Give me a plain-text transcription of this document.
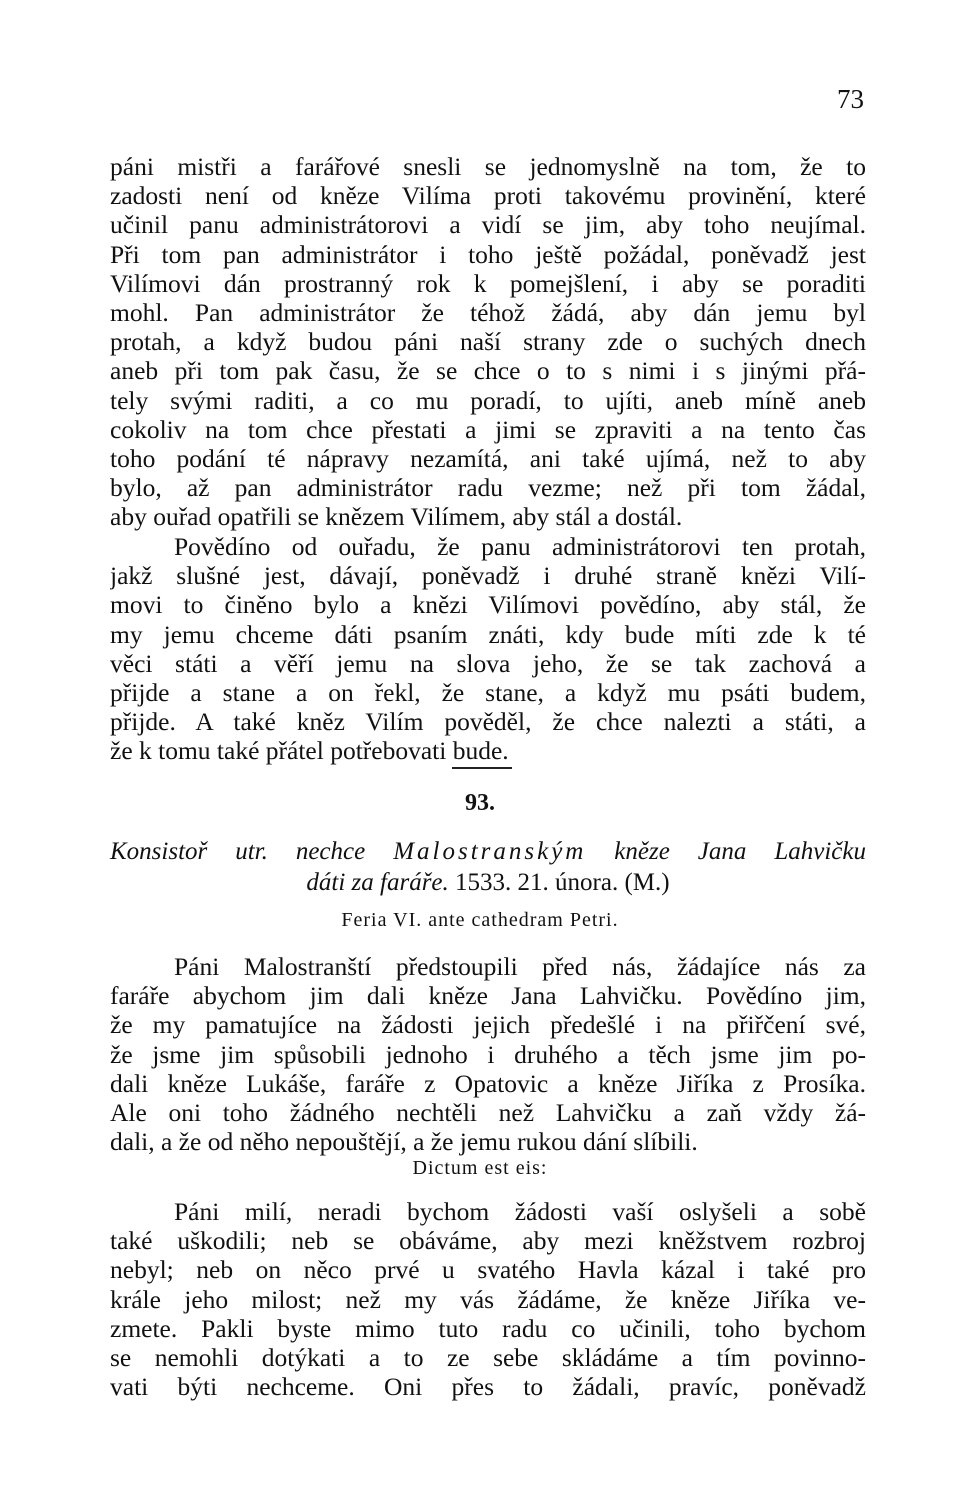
73

páni mistři a farářové snesli se jednomyslně na tom, že to
zadosti není od kněze Vilíma proti takovému provinění, které
učinil panu administrátorovi a vidí se jim, aby toho neujímal.
Při tom pan administrátor i toho ještě požádal, poněvadž jest
Vilímovi dán prostranný rok k pomejšlení, i aby se poraditi
mohl. Pan administrátor že téhož žádá, aby dán jemu byl
protah, a když budou páni naší strany zde o suchých dnech
aneb při tom pak času, že se chce o to s nimi i s jinými přá-
tely svými raditi, a co mu poradí, to ujíti, aneb míně aneb
cokoliv na tom chce přestati a jimi se zpraviti a na tento čas
toho podání té nápravy nezamítá, ani také ujímá, než to aby
bylo, až pan administrátor radu vezme; než při tom žádal,
aby ouřad opatřili se knězem Vilímem, aby stál a dostál.
Povědíno od ouřadu, že panu administrátorovi ten protah,
jakž slušné jest, dávají, poněvadž i druhé straně knězi Vilí-
movi to činěno bylo a knězi Vilímovi povědíno, aby stál, že
my jemu chceme dáti psaním znáti, kdy bude míti zde k té
věci státi a věří jemu na slova jeho, že se tak zachová a
přijde a stane a on řekl, že stane, a když mu psáti budem,
přijde. A také kněz Vilím pověděl, že chce nalezti a státi, a
že k tomu také přátel potřebovati bude.

93.

Konsistoř utr. nechce Malostranským kněze Jana Lahvičku
dáti za faráře. 1533. 21. února. (M.)

Feria VI. ante cathedram Petri.

Páni Malostranští předstoupili před nás, žádajíce nás za
faráře abychom jim dali kněze Jana Lahvičku. Povědíno jim,
že my pamatujíce na žádosti jejich předešlé i na přiřčení své,
že jsme jim spůsobili jednoho i druhého a těch jsme jim po-
dali kněze Lukáše, faráře z Opatovic a kněze Jiříka z Prosíka.
Ale oni toho žádného nechtěli než Lahvičku a zaň vždy žá-
dali, a že od něho nepouštějí, a že jemu rukou dání slíbili.

Dictum est eis:

Páni milí, neradi bychom žádosti vaší oslyšeli a sobě
také uškodili; neb se obáváme, aby mezi kněžstvem rozbroj
nebyl; neb on něco prvé u svatého Havla kázal i také pro
krále jeho milost; než my vás žádáme, že kněze Jiříka ve-
zmete. Pakli byste mimo tuto radu co učinili, toho bychom
se nemohli dotýkati a to ze sebe skládáme a tím povinno-
vati býti nechceme. Oni přes to žádali, pravíc, poněvadž
